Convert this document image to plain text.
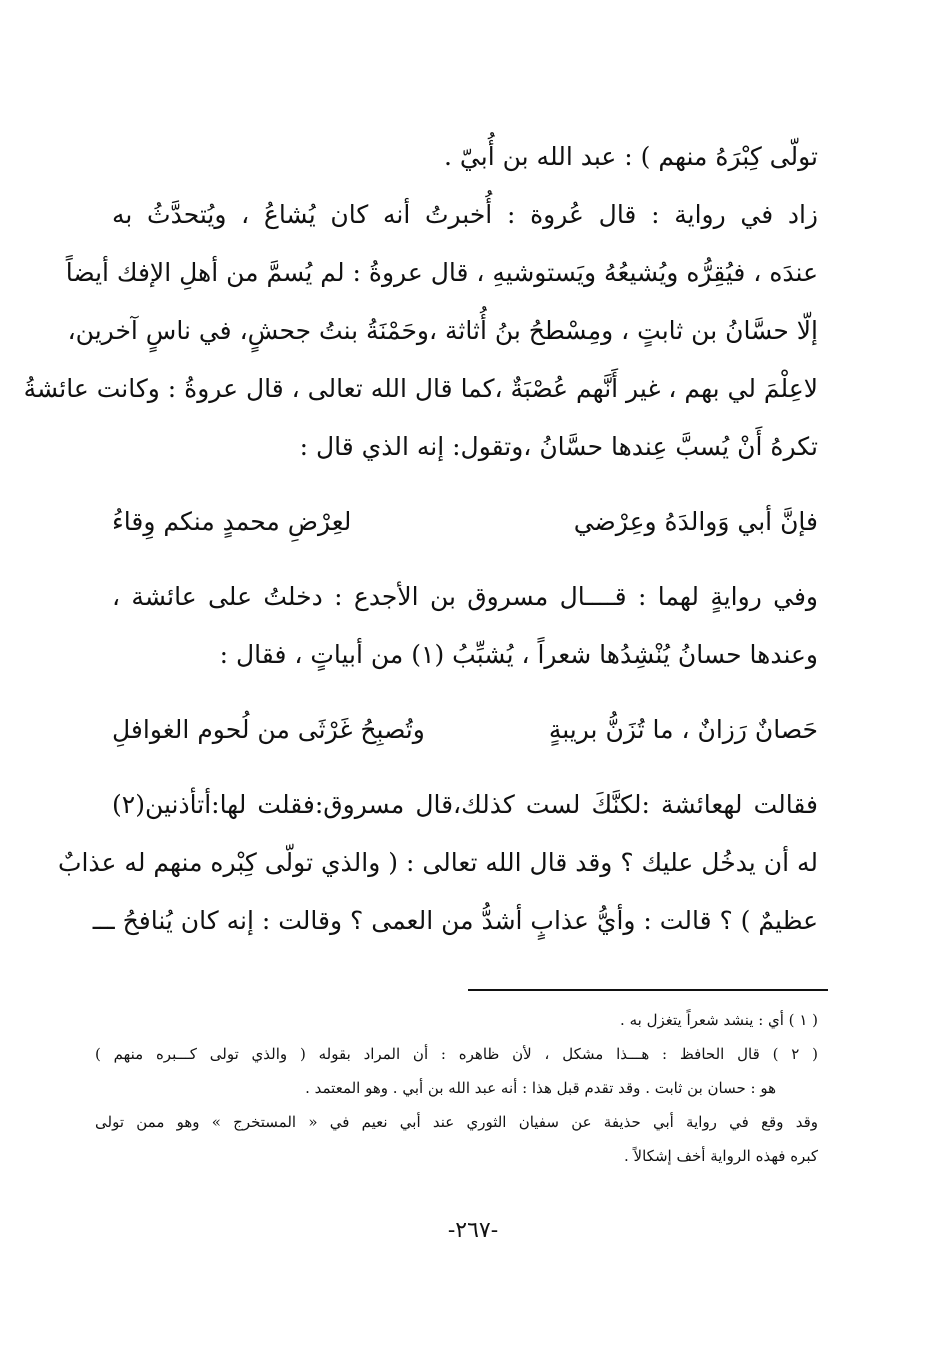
تولّى كِبْرَهُ منهم ) : عبد الله بن أُبيّ .
زاد في رواية : قال عُروة : أُخبرتُ أنه كان يُشاعُ ، ويُتحدَّثُ به
عندَه ، فيُقِرُّه ويُشيعُهُ ويَستوشيهِ ، قال عروةُ : لم يُسمَّ من أهلِ الإفك أيضاً
إلّا حسَّانُ بن ثابتٍ ، ومِسْطحُ بنُ أُثاثة ،وحَمْنَةُ بنتُ جحشٍ، في ناسٍ آخرين،
لاعِلْمَ لي بهم ، غير أَنَّهم عُصْبَةٌ ،كما قال الله تعالى ، قال عروةُ : وكانت عائشةُ
تكرهُ أَنْ يُسبَّ عِندها حسَّانُ ،وتقول: إنه الذي قال :
فإنَّ أبي وَوالدَهُ وعِرْضي
لعِرْضِ محمدٍ منكم وِقاءُ
وفي روايةٍ لهما : قــــال مسروق بن الأجدع : دخلتُ على عائشة ،
وعندها حسانُ يُنْشِدُها شعراً ، يُشبِّبُ (١) من أبياتٍ ، فقال :
حَصانٌ رَزانٌ ، ما تُزَنُّ بريبةٍ
وتُصبِحُ غَرْثَى من لُحوم الغوافلِ
فقالت لهعائشة :لكنَّكَ لست كذلك،قال مسروق:فقلت لها:أتأذنين(٢)
له أن يدخُل عليك ؟ وقد قال الله تعالى : ( والذي تولّى كِبْره منهم له عذابٌ
عظيمٌ ) ؟ قالت : وأيُّ عذابٍ أشدُّ من العمى ؟ وقالت : إنه كان يُنافحُ ـــ
( ١ ) أي : ينشد شعراً يتغزل به .
( ٢ ) قال الحافظ : هـــذا مشكل ، لأن ظاهره : أن المراد بقوله ( والذي تولى كـــبره منهم )
هو : حسان بن ثابت . وقد تقدم قبل هذا : أنه عبد الله بن أبي . وهو المعتمد .
وقد وقع في رواية أبي حذيفة عن سفيان الثوري عند أبي نعيم في « المستخرج » وهو ممن تولى
كبره فهذه الرواية أخف إشكالاً .
-٢٦٧-
